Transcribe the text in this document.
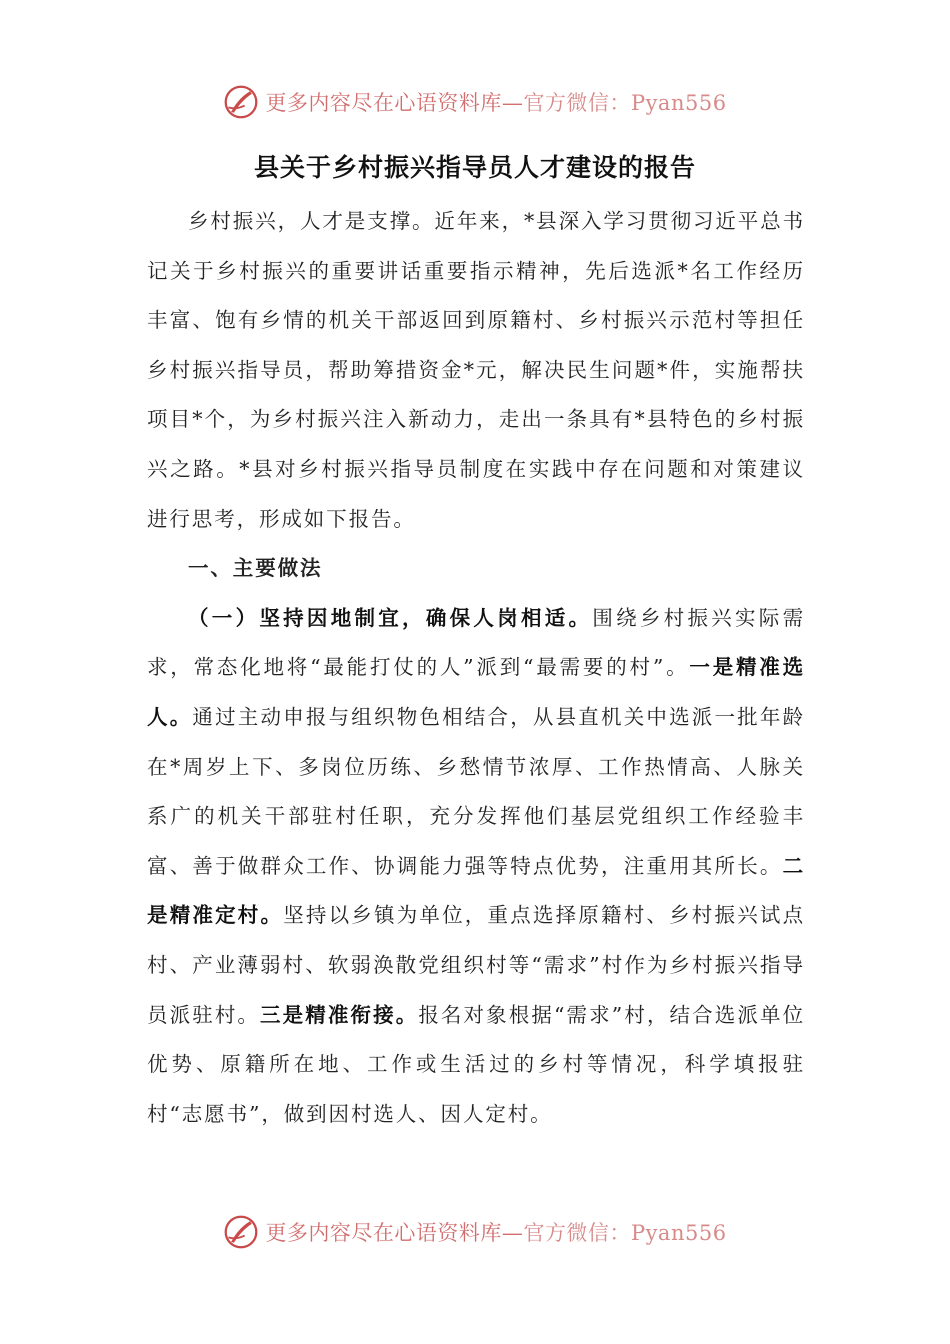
更多内容尽在心语资料库—官方微信：Pyan556
县关于乡村振兴指导员人才建设的报告

乡村振兴，人才是支撑。近年来，*县深入学习贯彻习近平总书记关于乡村振兴的重要讲话重要指示精神，先后选派*名工作经历丰富、饱有乡情的机关干部返回到原籍村、乡村振兴示范村等担任乡村振兴指导员，帮助筹措资金*元，解决民生问题*件，实施帮扶项目*个，为乡村振兴注入新动力，走出一条具有*县特色的乡村振兴之路。*县对乡村振兴指导员制度在实践中存在问题和对策建议进行思考，形成如下报告。

一、主要做法

（一）坚持因地制宜，确保人岗相适。围绕乡村振兴实际需求，常态化地将“最能打仗的人”派到“最需要的村”。一是精准选人。通过主动申报与组织物色相结合，从县直机关中选派一批年龄在*周岁上下、多岗位历练、乡愁情节浓厚、工作热情高、人脉关系广的机关干部驻村任职，充分发挥他们基层党组织工作经验丰富、善于做群众工作、协调能力强等特点优势，注重用其所长。二是精准定村。坚持以乡镇为单位，重点选择原籍村、乡村振兴试点村、产业薄弱村、软弱涣散党组织村等“需求”村作为乡村振兴指导员派驻村。三是精准衔接。报名对象根据“需求”村，结合选派单位优势、原籍所在地、工作或生活过的乡村等情况，科学填报驻村“志愿书”，做到因村选人、因人定村。

更多内容尽在心语资料库—官方微信：Pyan556
